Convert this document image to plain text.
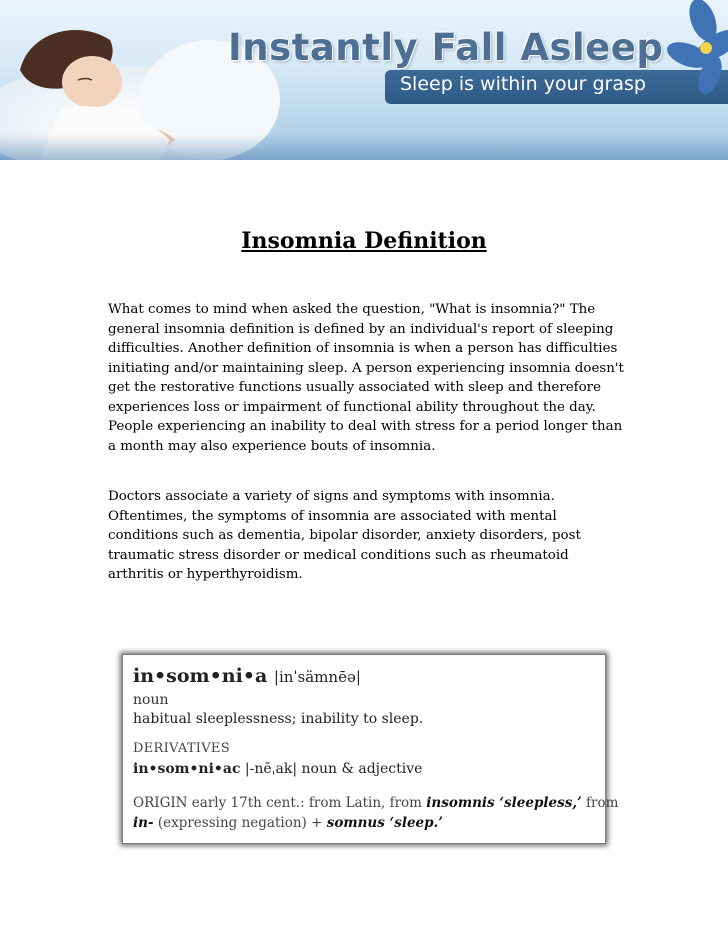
Instantly Fall Asleep
Sleep is within your grasp
Insomnia Definition

What comes to mind when asked the question, "What is insomnia?" The general insomnia definition is defined by an individual's report of sleeping difficulties. Another definition of insomnia is when a person has difficulties initiating and/or maintaining sleep. A person experiencing insomnia doesn't get the restorative functions usually associated with sleep and therefore experiences loss or impairment of functional ability throughout the day. People experiencing an inability to deal with stress for a period longer than a month may also experience bouts of insomnia.

Doctors associate a variety of signs and symptoms with insomnia. Oftentimes, the symptoms of insomnia are associated with mental conditions such as dementia, bipolar disorder, anxiety disorders, post traumatic stress disorder or medical conditions such as rheumatoid arthritis or hyperthyroidism.

in•som•ni•a |inˈsämnēə|
noun
habitual sleeplessness; inability to sleep.
DERIVATIVES
in•som•ni•ac |-nēˌak| noun & adjective
ORIGIN early 17th cent.: from Latin, from insomnis ‘sleepless,’ from
in- (expressing negation) + somnus ‘sleep.’
